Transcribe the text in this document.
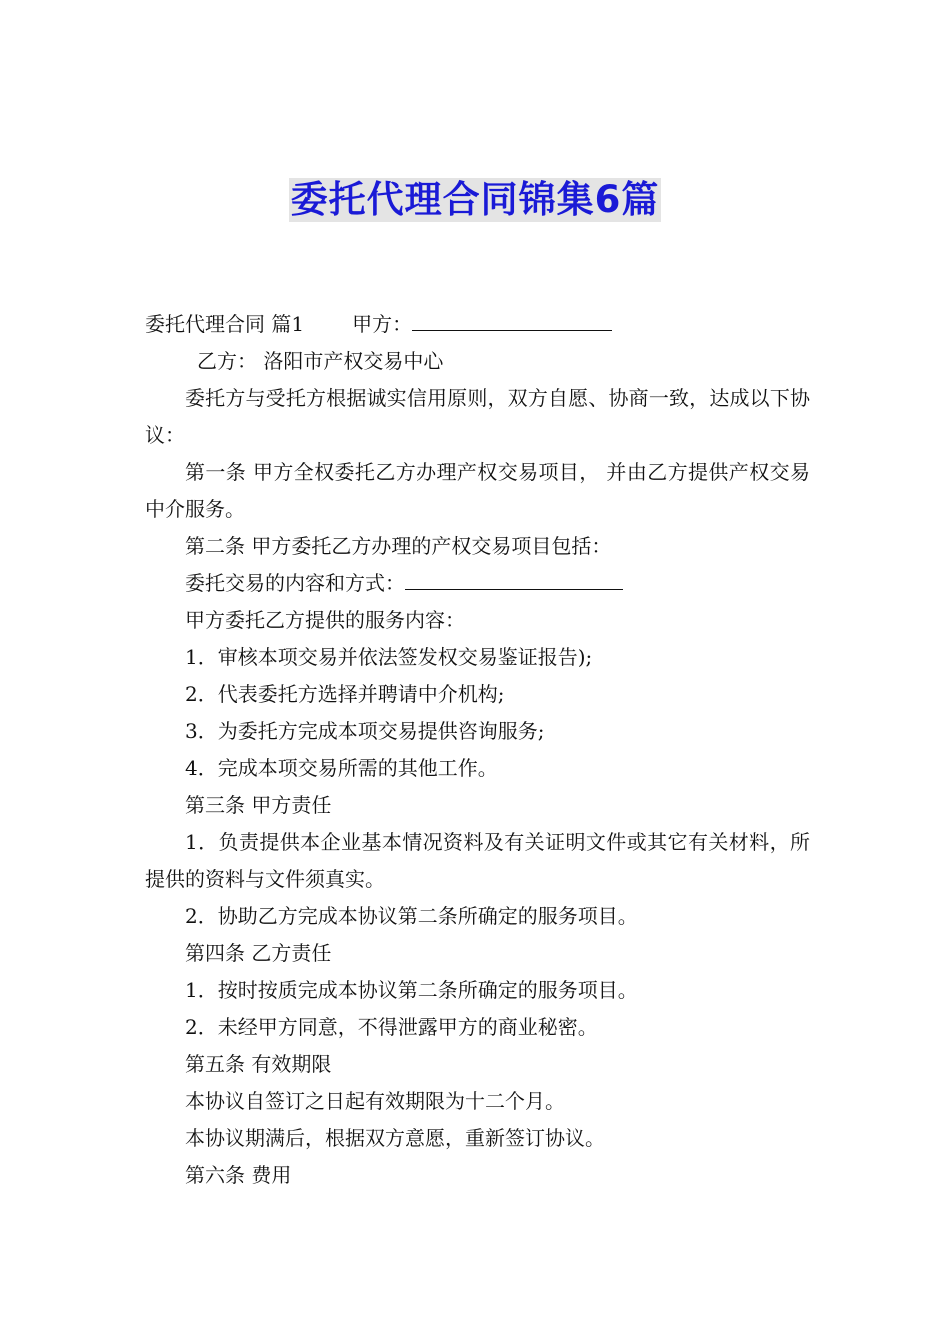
委托代理合同锦集6篇

委托代理合同 篇1 甲方：

乙方： 洛阳市产权交易中心

委托方与受托方根据诚实信用原则，双方自愿、协商一致，达成以下协议：

第一条 甲方全权委托乙方办理产权交易项目， 并由乙方提供产权交易中介服务。

第二条 甲方委托乙方办理的产权交易项目包括：

委托交易的内容和方式：

甲方委托乙方提供的服务内容：

1．审核本项交易并依法签发权交易鉴证报告);

2．代表委托方选择并聘请中介机构;

3．为委托方完成本项交易提供咨询服务;

4．完成本项交易所需的其他工作。

第三条 甲方责任

1．负责提供本企业基本情况资料及有关证明文件或其它有关材料，所提供的资料与文件须真实。

2．协助乙方完成本协议第二条所确定的服务项目。

第四条 乙方责任

1．按时按质完成本协议第二条所确定的服务项目。

2．未经甲方同意，不得泄露甲方的商业秘密。

第五条 有效期限

本协议自签订之日起有效期限为十二个月。

本协议期满后，根据双方意愿，重新签订协议。

第六条 费用
